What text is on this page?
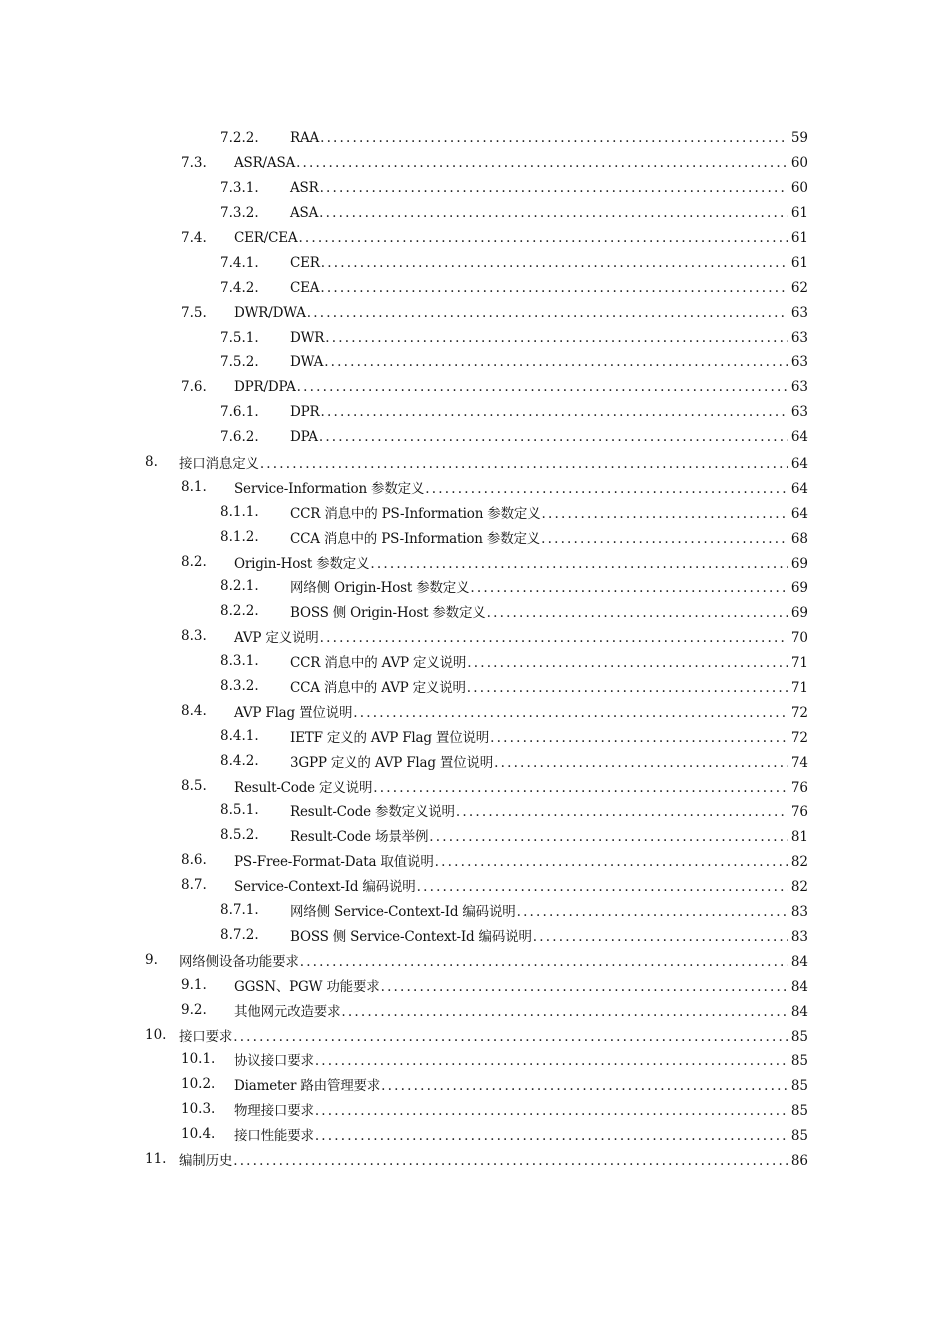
7.2.2. RAA .....	59
7.3. ASR/ASA .....	60
7.3.1. ASR .....	60
7.3.2. ASA .....	61
7.4. CER/CEA .....	61
7.4.1. CER .....	61
7.4.2. CEA .....	62
7.5. DWR/DWA .....	63
7.5.1. DWR .....	63
7.5.2. DWA .....	63
7.6. DPR/DPA .....	63
7.6.1. DPR .....	63
7.6.2. DPA .....	64
8. 接口消息定义 .....	64
8.1. Service-Information 参数定义 .....	64
8.1.1. CCR 消息中的 PS-Information 参数定义 .....	64
8.1.2. CCA 消息中的 PS-Information 参数定义 .....	68
8.2. Origin-Host 参数定义 .....	69
8.2.1. 网络侧 Origin-Host 参数定义 .....	69
8.2.2. BOSS 侧 Origin-Host 参数定义 .....	69
8.3. AVP 定义说明 .....	70
8.3.1. CCR 消息中的 AVP 定义说明 .....	71
8.3.2. CCA 消息中的 AVP 定义说明 .....	71
8.4. AVP Flag 置位说明 .....	72
8.4.1. IETF 定义的 AVP Flag 置位说明 .....	72
8.4.2. 3GPP 定义的 AVP Flag 置位说明 .....	74
8.5. Result-Code 定义说明 .....	76
8.5.1. Result-Code 参数定义说明 .....	76
8.5.2. Result-Code 场景举例 .....	81
8.6. PS-Free-Format-Data 取值说明 .....	82
8.7. Service-Context-Id 编码说明 .....	82
8.7.1. 网络侧 Service-Context-Id 编码说明 .....	83
8.7.2. BOSS 侧 Service-Context-Id 编码说明 .....	83
9. 网络侧设备功能要求 .....	84
9.1. GGSN、PGW 功能要求 .....	84
9.2. 其他网元改造要求 .....	84
10. 接口要求 .....	85
10.1. 协议接口要求 .....	85
10.2. Diameter 路由管理要求 .....	85
10.3. 物理接口要求 .....	85
10.4. 接口性能要求 .....	85
11. 编制历史 .....	86
